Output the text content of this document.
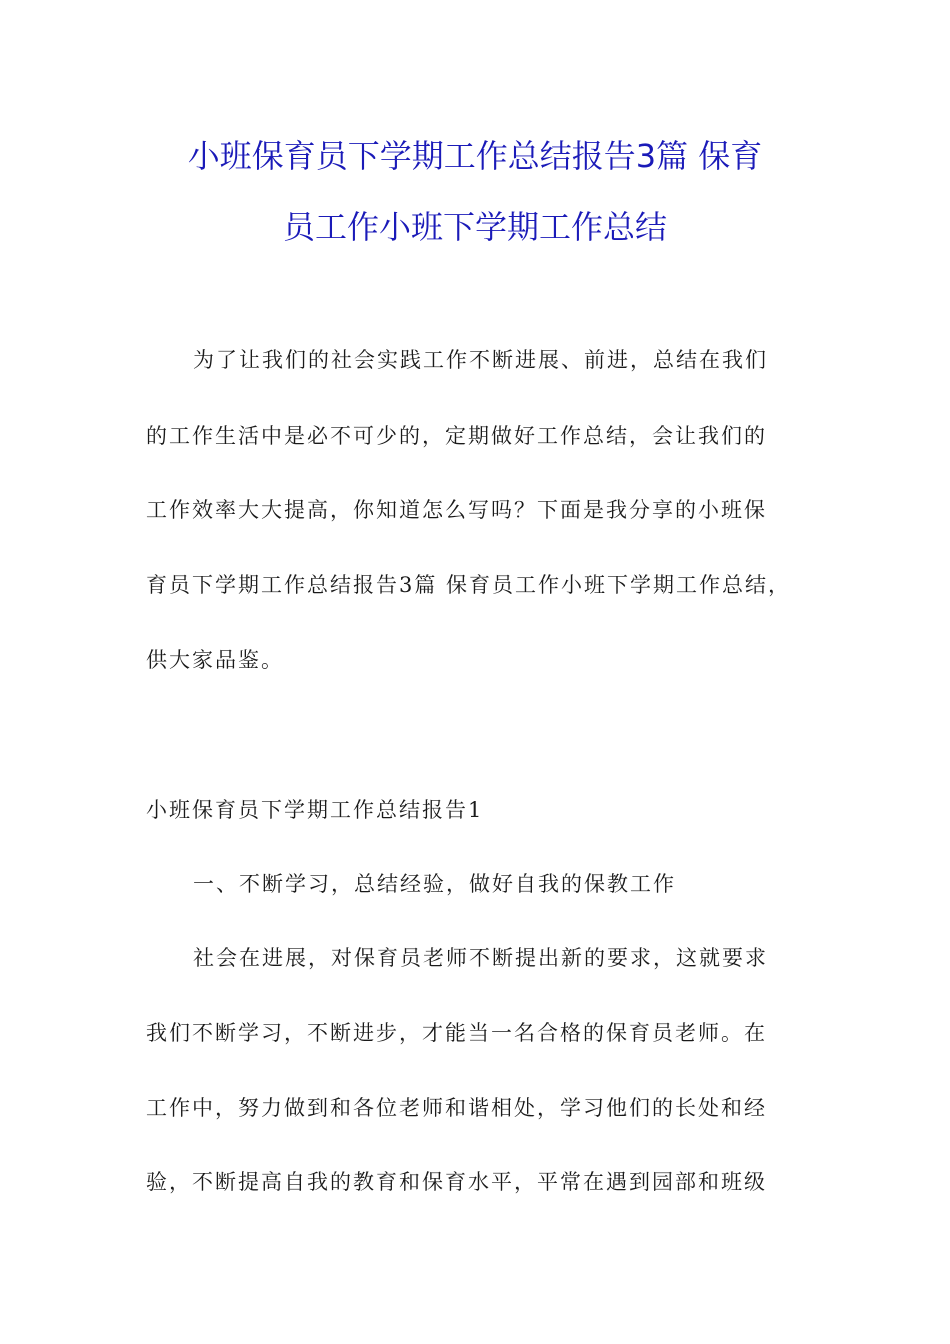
小班保育员下学期工作总结报告3篇 保育
员工作小班下学期工作总结
为了让我们的社会实践工作不断进展、前进，总结在我们
的工作生活中是必不可少的，定期做好工作总结，会让我们的
工作效率大大提高，你知道怎么写吗？下面是我分享的小班保
育员下学期工作总结报告3篇 保育员工作小班下学期工作总结，
供大家品鉴。
小班保育员下学期工作总结报告1
一、不断学习，总结经验，做好自我的保教工作
社会在进展，对保育员老师不断提出新的要求，这就要求
我们不断学习，不断进步，才能当一名合格的保育员老师。在
工作中，努力做到和各位老师和谐相处，学习他们的长处和经
验，不断提高自我的教育和保育水平，平常在遇到园部和班级
